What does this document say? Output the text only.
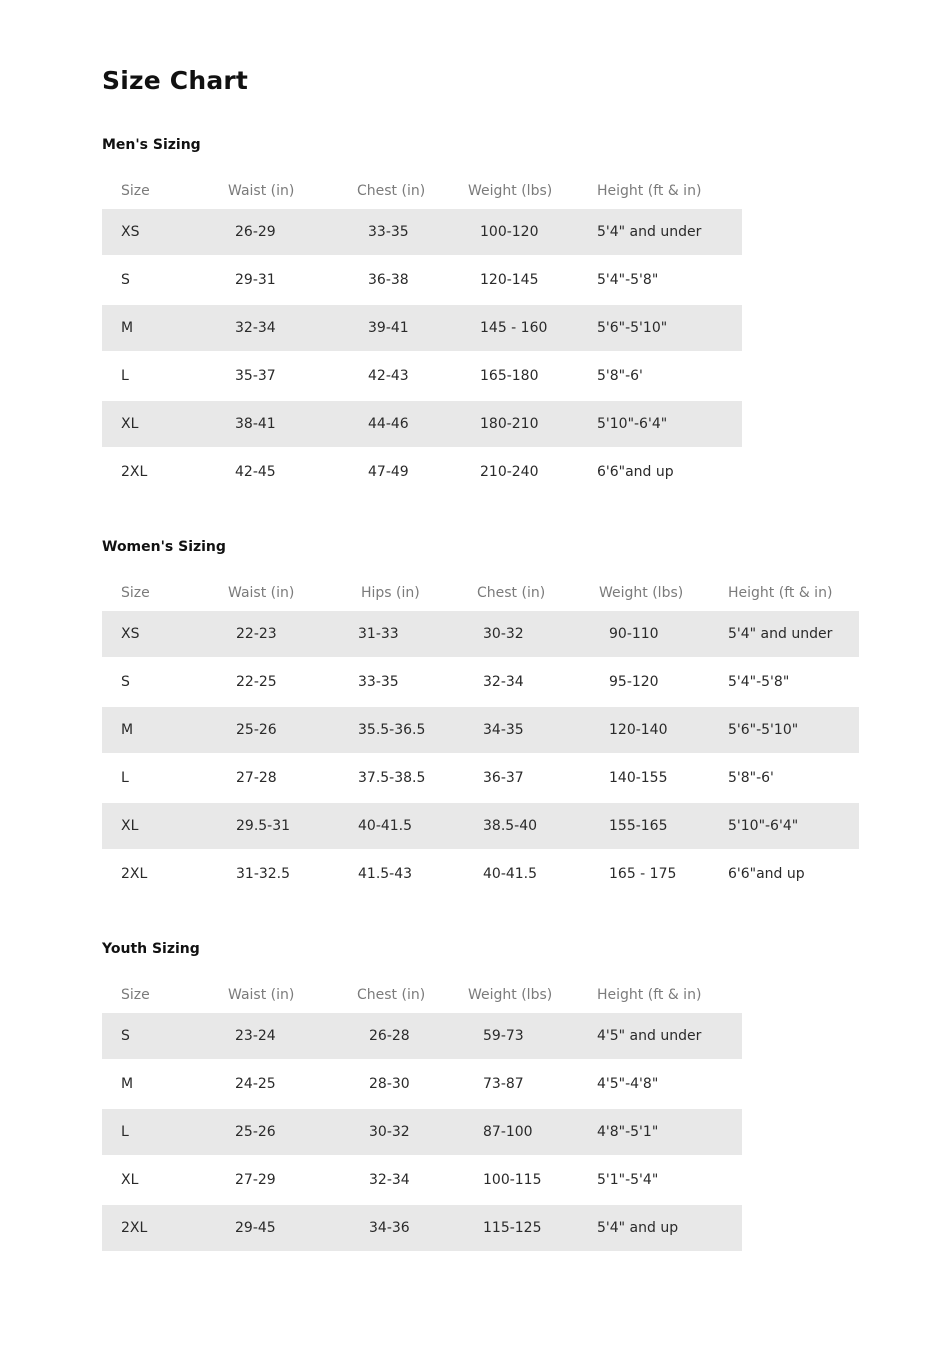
Size Chart
Men's Sizing
Size	Waist (in)	Chest (in)	Weight (lbs)	Height (ft & in)
XS	26-29	33-35	100-120	5'4" and under
S	29-31	36-38	120-145	5'4"-5'8"
M	32-34	39-41	145 - 160	5'6"-5'10"
L	35-37	42-43	165-180	5'8"-6'
XL	38-41	44-46	180-210	5'10"-6'4"
2XL	42-45	47-49	210-240	6'6"and up
Women's Sizing
Size	Waist (in)	Hips (in)	Chest (in)	Weight (lbs)	Height (ft & in)
XS	22-23	31-33	30-32	90-110	5'4" and under
S	22-25	33-35	32-34	95-120	5'4"-5'8"
M	25-26	35.5-36.5	34-35	120-140	5'6"-5'10"
L	27-28	37.5-38.5	36-37	140-155	5'8"-6'
XL	29.5-31	40-41.5	38.5-40	155-165	5'10"-6'4"
2XL	31-32.5	41.5-43	40-41.5	165 - 175	6'6"and up
Youth Sizing
Size	Waist (in)	Chest (in)	Weight (lbs)	Height (ft & in)
S	23-24	26-28	59-73	4'5" and under
M	24-25	28-30	73-87	4'5"-4'8"
L	25-26	30-32	87-100	4'8"-5'1"
XL	27-29	32-34	100-115	5'1"-5'4"
2XL	29-45	34-36	115-125	5'4" and up
